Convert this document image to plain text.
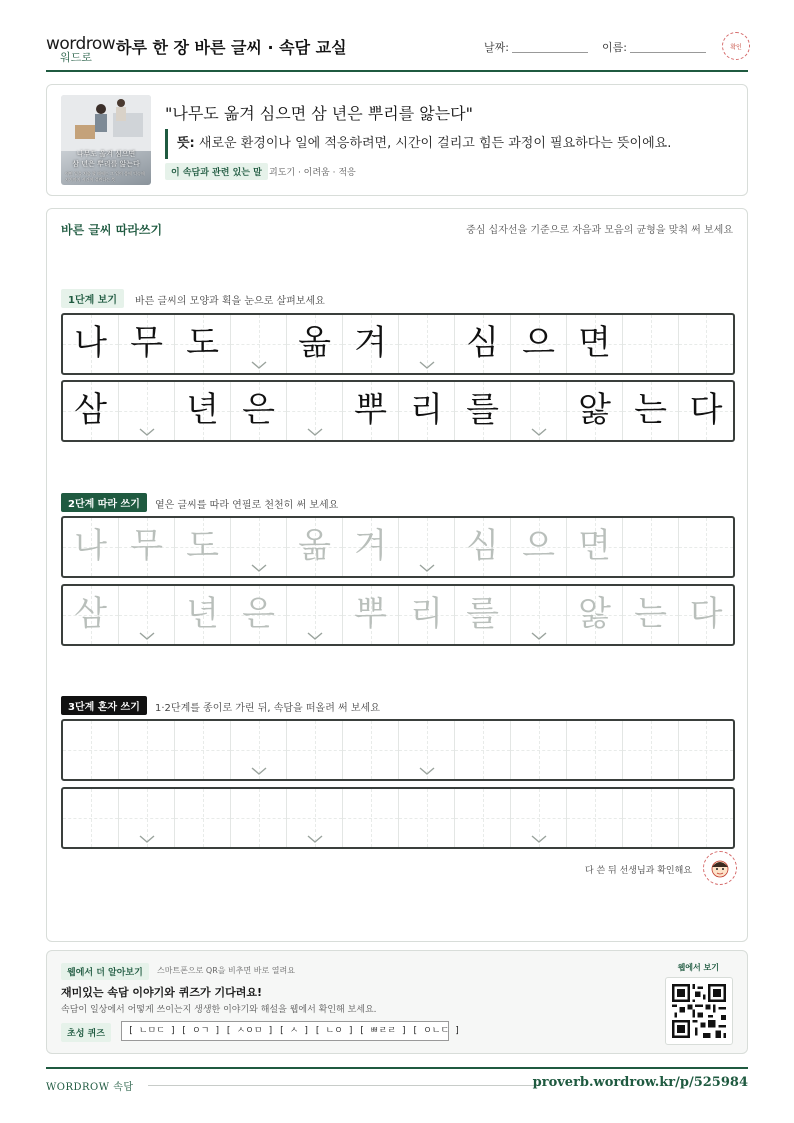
wordrow
워드로
하루 한 장 바른 글씨 · 속담 교실	날짜:	이름:	확인
나무도 옮겨 심으면
삼 년은 뿌리를 앓는다
어떤 일을 처음 할 때에는 그 일이 몸에 익숙해지기까지 시간이 걸린다는 뜻
"나무도 옮겨 심으면 삼 년은 뿌리를 앓는다"
뜻: 새로운 환경이나 일에 적응하려면, 시간이 걸리고 힘든 과정이 필요하다는 뜻이에요.
이 속담과 관련 있는 말 괴도기 · 이려움 · 적응
바른 글씨 따라쓰기	중심 십자선을 기준으로 자음과 모음의 균형을 맞춰 써 보세요
1단계 보기	바른 글씨의 모양과 획을 눈으로 살펴보세요
나 무 도	옮 겨	심 으 면
삼	년 은	뿌 리 를	앓 는 다
2단계 따라 쓰기	옅은 글씨를 따라 연필로 천천히 써 보세요
나 무 도	옮 겨	심 으 면
삼	년 은	뿌 리 를	앓 는 다
3단계 혼자 쓰기	1·2단계를 종이로 가린 뒤, 속담을 떠올려 써 보세요
다 쓴 뒤 선생님과 확인해요
웹에서 더 알아보기	스마트폰으로 QR을 비추면 바로 열려요
재미있는 속담 이야기와 퀴즈가 기다려요!
속담이 일상에서 어떻게 쓰이는지 생생한 이야기와 해설을 웹에서 확인해 보세요.
초성 퀴즈	[ ㄴㅁㄷ ] [ ㅇㄱ ] [ ㅅㅇㅁ ] [ ㅅ ] [ ㄴㅇ ] [ ㅃㄹㄹ ] [ ㅇㄴㄷ ]
웹에서 보기
WORDROW 속담	proverb.wordrow.kr/p/525984
